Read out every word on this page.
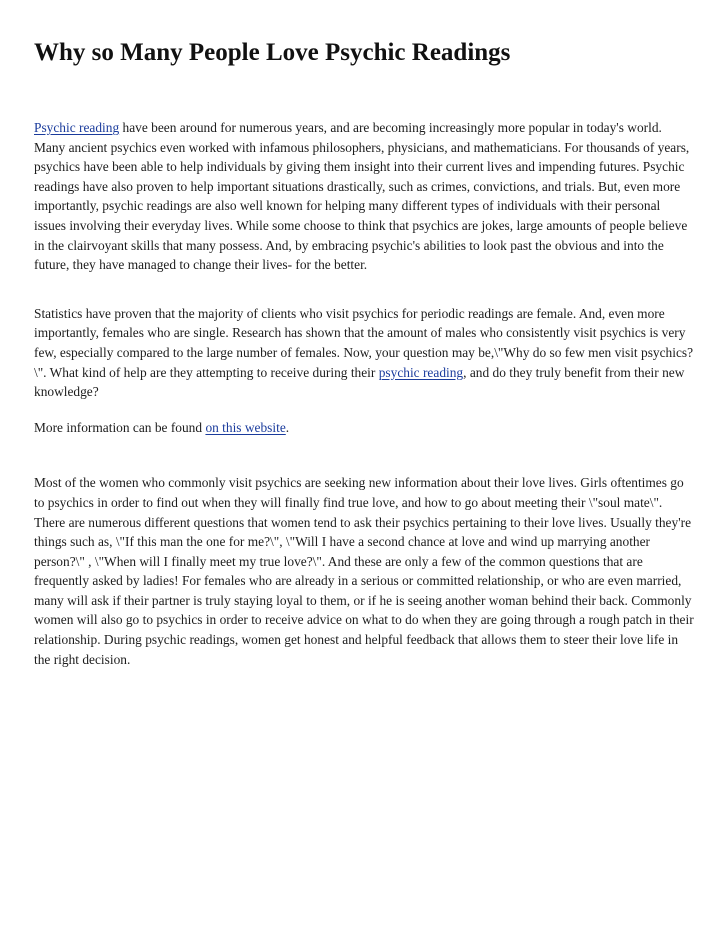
Why so Many People Love Psychic Readings

Psychic reading have been around for numerous years, and are becoming increasingly more popular in today's world. Many ancient psychics even worked with infamous philosophers, physicians, and mathematicians. For thousands of years, psychics have been able to help individuals by giving them insight into their current lives and impending futures. Psychic readings have also proven to help important situations drastically, such as crimes, convictions, and trials. But, even more importantly, psychic readings are also well known for helping many different types of individuals with their personal issues involving their everyday lives. While some choose to think that psychics are jokes, large amounts of people believe in the clairvoyant skills that many possess. And, by embracing psychic's abilities to look past the obvious and into the future, they have managed to change their lives- for the better.

Statistics have proven that the majority of clients who visit psychics for periodic readings are female. And, even more importantly, females who are single. Research has shown that the amount of males who consistently visit psychics is very few, especially compared to the large number of females. Now, your question may be,\"Why do so few men visit psychics?\". What kind of help are they attempting to receive during their psychic reading, and do they truly benefit from their new knowledge?

More information can be found on this website.

Most of the women who commonly visit psychics are seeking new information about their love lives. Girls oftentimes go to psychics in order to find out when they will finally find true love, and how to go about meeting their \"soul mate\". There are numerous different questions that women tend to ask their psychics pertaining to their love lives. Usually they're things such as, \"If this man the one for me?\", \"Will I have a second chance at love and wind up marrying another person?\" , \"When will I finally meet my true love?\". And these are only a few of the common questions that are frequently asked by ladies! For females who are already in a serious or committed relationship, or who are even married, many will ask if their partner is truly staying loyal to them, or if he is seeing another woman behind their back. Commonly women will also go to psychics in order to receive advice on what to do when they are going through a rough patch in their relationship. During psychic readings, women get honest and helpful feedback that allows them to steer their love life in the right decision.
